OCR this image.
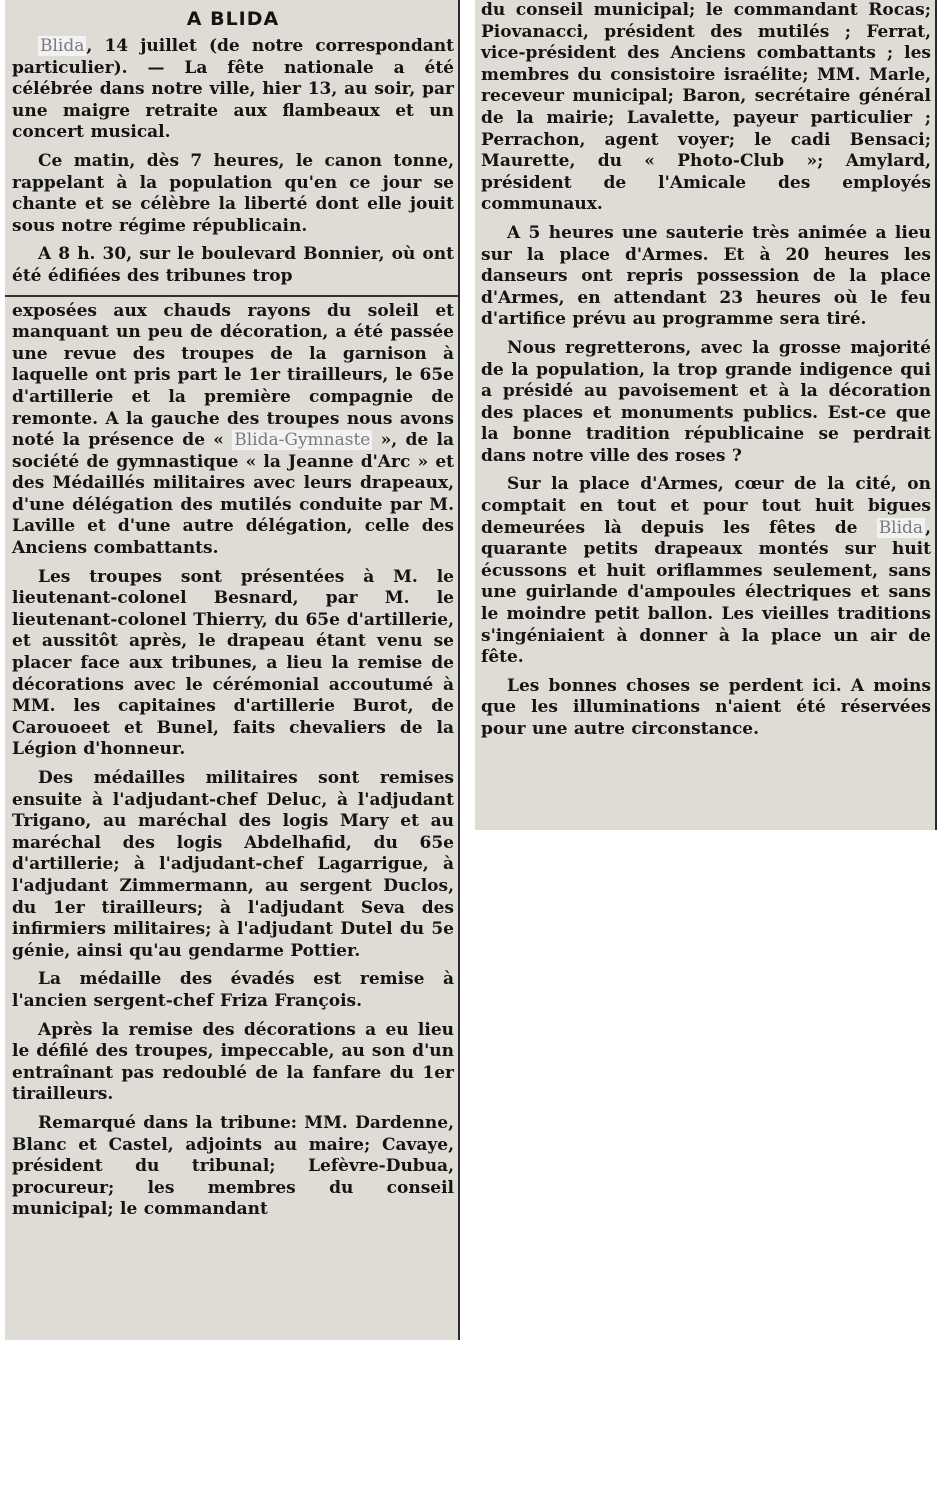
A BLIDA

Blida , 14 juillet (de notre correspondant particulier). — La fête nationale a été célébrée dans notre ville, hier 13, au soir, par une maigre retraite aux flambeaux et un concert musical.

Ce matin, dès 7 heures, le canon tonne, rappelant à la population qu'en ce jour se chante et se célèbre la liberté dont elle jouit sous notre régime républicain.

A 8 h. 30, sur le boulevard Bonnier, où ont été édifiées des tribunes trop

exposées aux chauds rayons du soleil et manquant un peu de décoration, a été passée une revue des troupes de la garnison à laquelle ont pris part le 1er tirailleurs, le 65e d'artillerie et la première compagnie de remonte. A la gauche des troupes nous avons noté la présence de « Blida-Gymnaste », de la société de gymnastique « la Jeanne d'Arc » et des Médaillés militaires avec leurs drapeaux, d'une délégation des mutilés conduite par M. Laville et d'une autre délégation, celle des Anciens combattants.

Les troupes sont présentées à M. le lieutenant-colonel Besnard, par M. le lieutenant-colonel Thierry, du 65e d'artillerie, et aussitôt après, le drapeau étant venu se placer face aux tribunes, a lieu la remise de décorations avec le cérémonial accoutumé à MM. les capitaines d'artillerie Burot, de Carouoeet et Bunel, faits chevaliers de la Légion d'honneur.

Des médailles militaires sont remises ensuite à l'adjudant-chef Deluc, à l'adjudant Trigano, au maréchal des logis Mary et au maréchal des logis Abdelhafid, du 65e d'artillerie; à l'adjudant-chef Lagarrigue, à l'adjudant Zimmermann, au sergent Duclos, du 1er tirailleurs; à l'adjudant Seva des infirmiers militaires; à l'adjudant Dutel du 5e génie, ainsi qu'au gendarme Pottier.

La médaille des évadés est remise à l'ancien sergent-chef Friza François.

Après la remise des décorations a eu lieu le défilé des troupes, impeccable, au son d'un entraînant pas redoublé de la fanfare du 1er tirailleurs.

Remarqué dans la tribune: MM. Dardenne, Blanc et Castel, adjoints au maire; Cavaye, président du tribunal; Lefèvre-Dubua, procureur; les membres du conseil municipal; le commandant

du conseil municipal; le commandant Rocas; Piovanacci, président des mutilés ; Ferrat, vice-président des Anciens combattants ; les membres du consistoire israélite; MM. Marle, receveur municipal; Baron, secrétaire général de la mairie; Lavalette, payeur particulier ; Perrachon, agent voyer; le cadi Bensaci; Maurette, du « Photo-Club »; Amylard, président de l'Amicale des employés communaux.

A 5 heures une sauterie très animée a lieu sur la place d'Armes. Et à 20 heures les danseurs ont repris possession de la place d'Armes, en attendant 23 heures où le feu d'artifice prévu au programme sera tiré.

Nous regretterons, avec la grosse majorité de la population, la trop grande indigence qui a présidé au pavoisement et à la décoration des places et monuments publics. Est-ce que la bonne tradition républicaine se perdrait dans notre ville des roses ?

Sur la place d'Armes, cœur de la cité, on comptait en tout et pour tout huit bigues demeurées là depuis les fêtes de Blida , quarante petits drapeaux montés sur huit écussons et huit oriflammes seulement, sans une guirlande d'ampoules électriques et sans le moindre petit ballon. Les vieilles traditions s'ingéniaient à donner à la place un air de fête.

Les bonnes choses se perdent ici. A moins que les illuminations n'aient été réservées pour une autre circonstance.
